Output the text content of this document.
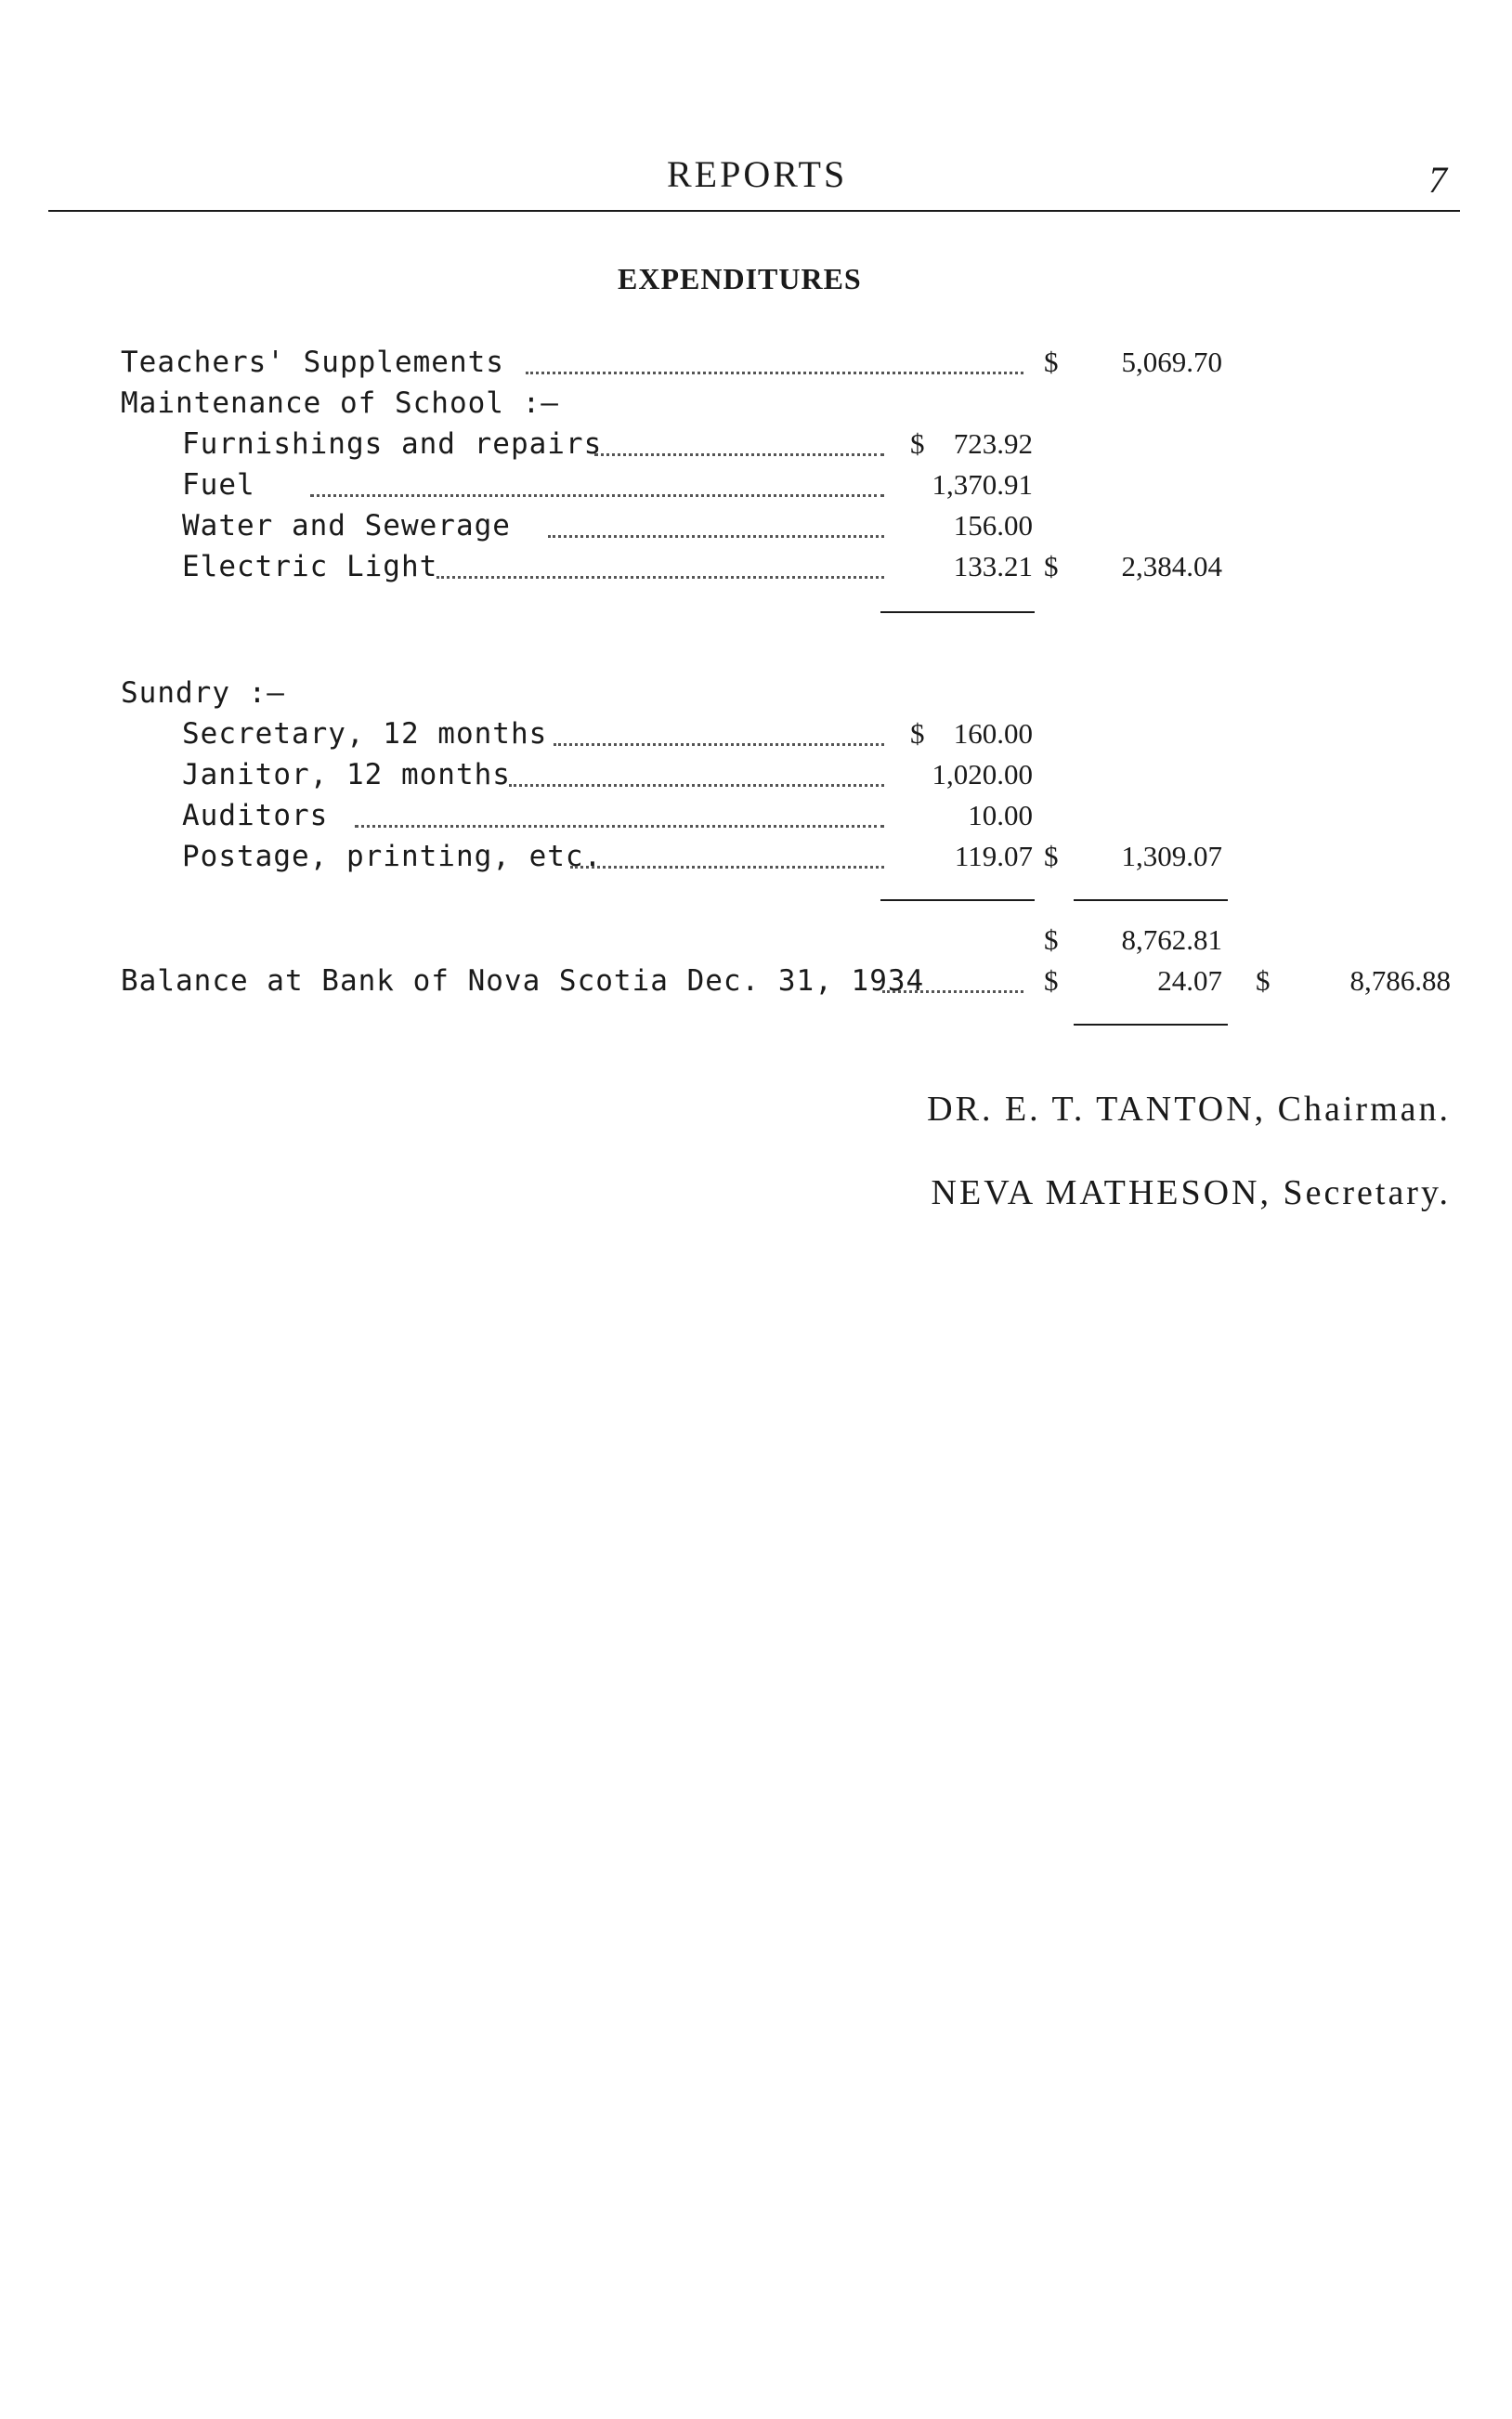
REPORTS	7
EXPENDITURES
Teachers' Supplements	$ 5,069.70
Maintenance of School :—
Furnishings and repairs	$ 723.92
Fuel	1,370.91
Water and Sewerage	156.00
Electric Light	133.21 $ 2,384.04
Sundry :—
Secretary, 12 months	$ 160.00
Janitor, 12 months	1,020.00
Auditors	10.00
Postage, printing, etc.	119.07 $ 1,309.07
$ 8,762.81
Balance at Bank of Nova Scotia Dec. 31, 1934	$	24.07 $	8,786.88
DR. E. T. TANTON, Chairman.
NEVA MATHESON, Secretary.
